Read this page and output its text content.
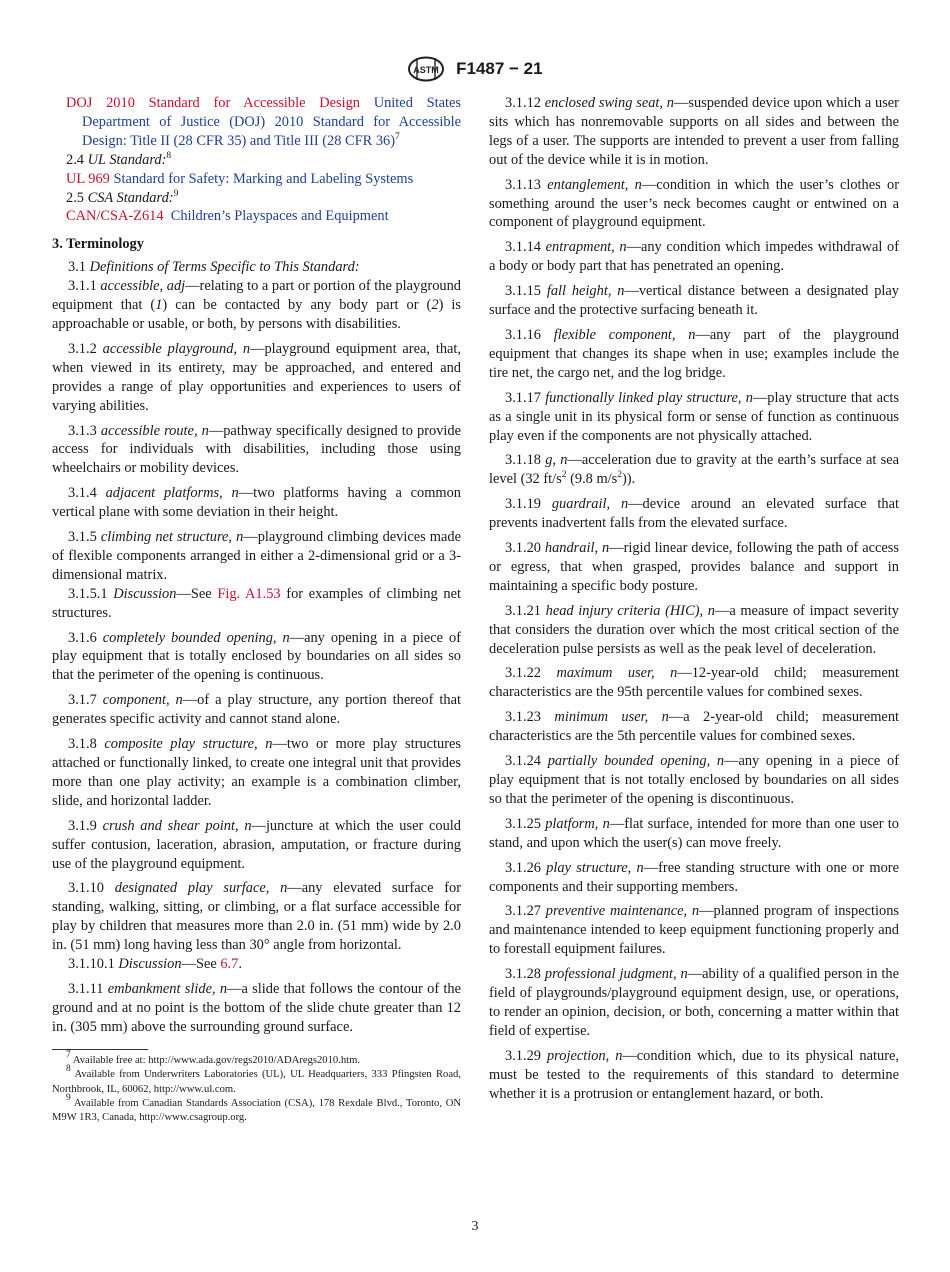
ASTM F1487 − 21
DOJ 2010 Standard for Accessible Design United States Department of Justice (DOJ) 2010 Standard for Accessible Design: Title II (28 CFR 35) and Title III (28 CFR 36)$^7$
2.4 UL Standard:$^8$
UL 969 Standard for Safety: Marking and Labeling Systems
2.5 CSA Standard:$^9$
CAN/CSA-Z614 Children’s Playspaces and Equipment
3. Terminology

3.1 Definitions of Terms Specific to This Standard:

3.1.1 accessible, adj—relating to a part or portion of the playground equipment that (1) can be contacted by any body part or (2) is approachable or usable, or both, by persons with disabilities.

3.1.2 accessible playground, n—playground equipment area, that, when viewed in its entirety, may be approached, and entered and provides a range of play opportunities and experiences to users of varying abilities.

3.1.3 accessible route, n—pathway specifically designed to provide access for individuals with disabilities, including those using wheelchairs or mobility devices.

3.1.4 adjacent platforms, n—two platforms having a common vertical plane with some deviation in their height.

3.1.5 climbing net structure, n—playground climbing devices made of flexible components arranged in either a 2-dimensional grid or a 3-dimensional matrix.

3.1.5.1 Discussion—See Fig. A1.53 for examples of climbing net structures.

3.1.6 completely bounded opening, n—any opening in a piece of play equipment that is totally enclosed by boundaries on all sides so that the perimeter of the opening is continuous.

3.1.7 component, n—of a play structure, any portion thereof that generates specific activity and cannot stand alone.

3.1.8 composite play structure, n—two or more play structures attached or functionally linked, to create one integral unit that provides more than one play activity; an example is a combination climber, slide, and horizontal ladder.

3.1.9 crush and shear point, n—juncture at which the user could suffer contusion, laceration, abrasion, amputation, or fracture during use of the playground equipment.

3.1.10 designated play surface, n—any elevated surface for standing, walking, sitting, or climbing, or a flat surface accessible for play by children that measures more than 2.0 in. (51 mm) wide by 2.0 in. (51 mm) long having less than 30° angle from horizontal.

3.1.10.1 Discussion—See 6.7.

3.1.11 embankment slide, n—a slide that follows the contour of the ground and at no point is the bottom of the slide chute greater than 12 in. (305 mm) above the surrounding ground surface.

$^7$ Available free at: http://www.ada.gov/regs2010/ADAregs2010.htm.

$^8$ Available from Underwriters Laboratories (UL), UL Headquarters, 333 Pfingsten Road, Northbrook, IL, 60062, http://www.ul.com.

$^9$ Available from Canadian Standards Association (CSA), 178 Rexdale Blvd., Toronto, ON M9W 1R3, Canada, http://www.csagroup.org.

3.1.12 enclosed swing seat, n—suspended device upon which a user sits which has nonremovable supports on all sides and between the legs of a user. The supports are intended to prevent a user from falling out of the device while it is in motion.

3.1.13 entanglement, n—condition in which the user’s clothes or something around the user’s neck becomes caught or entwined on a component of playground equipment.

3.1.14 entrapment, n—any condition which impedes withdrawal of a body or body part that has penetrated an opening.

3.1.15 fall height, n—vertical distance between a designated play surface and the protective surfacing beneath it.

3.1.16 flexible component, n—any part of the playground equipment that changes its shape when in use; examples include the tire net, the cargo net, and the log bridge.

3.1.17 functionally linked play structure, n—play structure that acts as a single unit in its physical form or sense of function as continuous play even if the components are not physically attached.

3.1.18 g, n—acceleration due to gravity at the earth’s surface at sea level (32 $ft/s^2$ (9.8 $m/s^2$)).

3.1.19 guardrail, n—device around an elevated surface that prevents inadvertent falls from the elevated surface.

3.1.20 handrail, n—rigid linear device, following the path of access or egress, that when grasped, provides balance and support in maintaining a specific body posture.

3.1.21 head injury criteria (HIC), n—a measure of impact severity that considers the duration over which the most critical section of the deceleration pulse persists as well as the peak level of deceleration.

3.1.22 maximum user, n—12-year-old child; measurement characteristics are the 95th percentile values for combined sexes.

3.1.23 minimum user, n—a 2-year-old child; measurement characteristics are the 5th percentile values for combined sexes.

3.1.24 partially bounded opening, n—any opening in a piece of play equipment that is not totally enclosed by boundaries on all sides so that the perimeter of the opening is discontinuous.

3.1.25 platform, n—flat surface, intended for more than one user to stand, and upon which the user(s) can move freely.

3.1.26 play structure, n—free standing structure with one or more components and their supporting members.

3.1.27 preventive maintenance, n—planned program of inspections and maintenance intended to keep equipment functioning properly and to forestall equipment failures.

3.1.28 professional judgment, n—ability of a qualified person in the field of playgrounds/playground equipment design, use, or operations, to render an opinion, decision, or both, concerning a matter within that field of expertise.

3.1.29 projection, n—condition which, due to its physical nature, must be tested to the requirements of this standard to determine whether it is a protrusion or entanglement hazard, or both.

3
